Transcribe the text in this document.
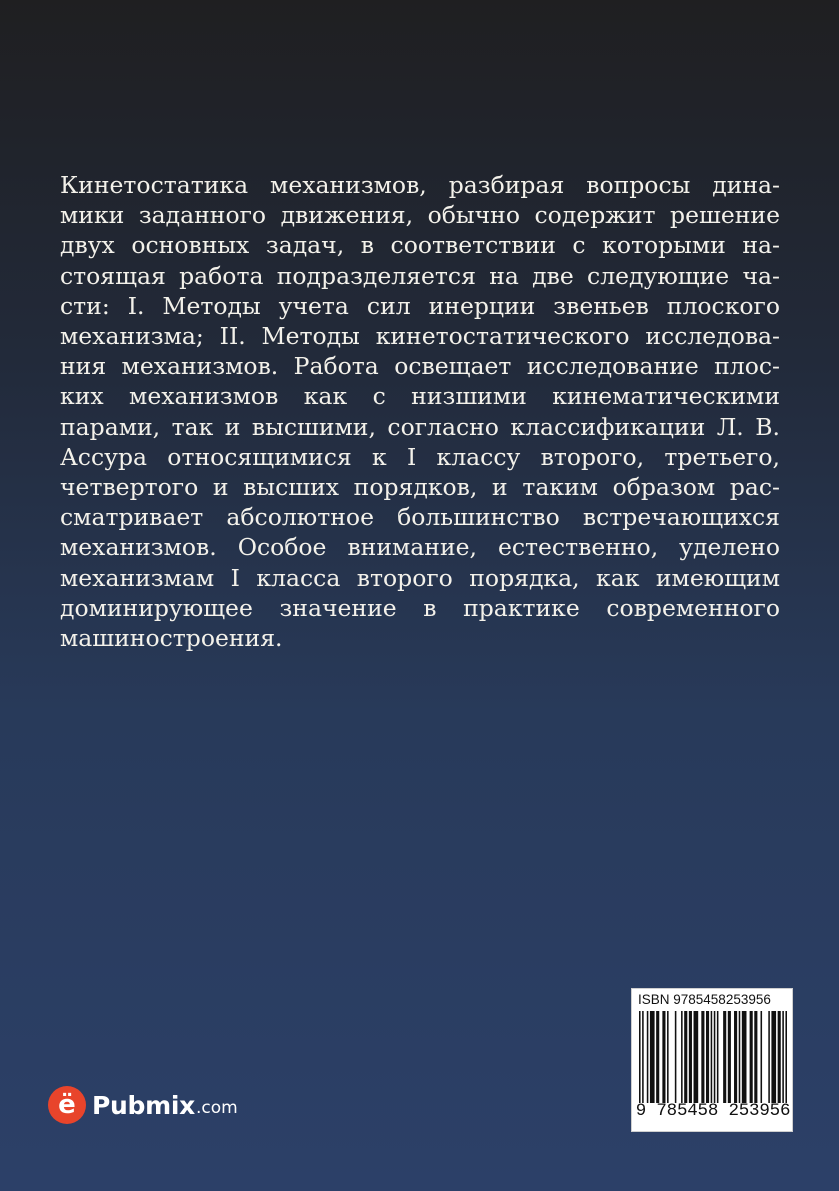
Кинетостатика механизмов, разбирая вопросы дина-
мики заданного движения, обычно содержит решение
двух основных задач, в соответствии с которыми на-
стоящая работа подразделяется на две следующие ча-
сти: I. Методы учета сил инерции звеньев плоского
механизма; II. Методы кинетостатического исследова-
ния механизмов. Работа освещает исследование плос-
ких механизмов как с низшими кинематическими
парами, так и высшими, согласно классификации Л. В.
Ассура относящимися к I классу второго, третьего,
четвертого и высших порядков, и таким образом рас-
сматривает абсолютное большинство встречающихся
механизмов. Особое внимание, естественно, уделено
механизмам I класса второго порядка, как имеющим
доминирующее значение в практике современного
машиностроения.
ё Pubmix .com
ISBN 9785458253956
9 785458 253956
